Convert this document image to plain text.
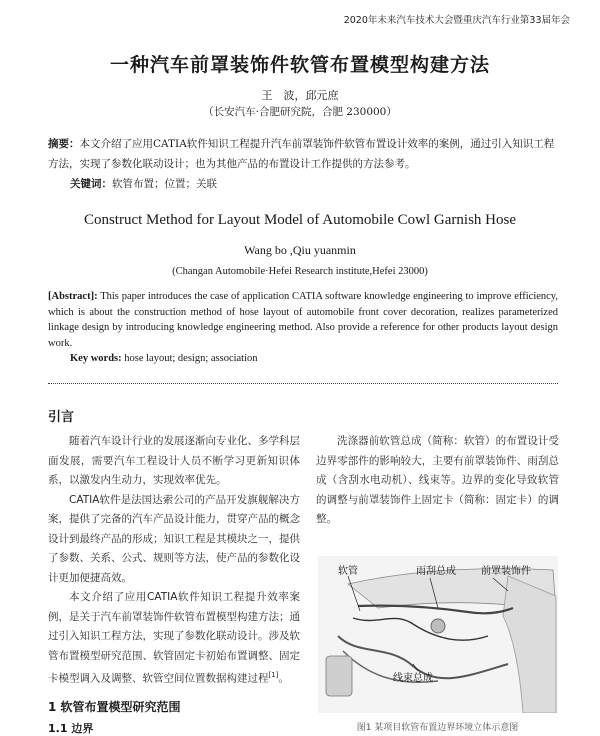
2020年未来汽车技术大会暨重庆汽车行业第33届年会
一种汽车前罩装饰件软管布置模型构建方法
王　波，邱元庶
（长安汽车·合肥研究院，合肥 230000）
摘要：本文介绍了应用CATIA软件知识工程提升汽车前罩装饰件软管布置设计效率的案例，通过引入知识工程方法，实现了参数化联动设计；也为其他产品的布置设计工作提供的方法参考。
关键词：软管布置；位置；关联
Construct Method for Layout Model of Automobile Cowl Garnish Hose
Wang bo ,Qiu yuanmin
(Changan Automobile·Hefei Research institute,Hefei 23000)
[Abstract]: This paper introduces the case of application CATIA software knowledge engineering to improve efficiency, which is about the construction method of hose layout of automobile front cover decoration, realizes parameterized linkage design by introducing knowledge engineering method. Also provide a reference for other products layout design work.
Key words: hose layout; design; association
引言

随着汽车设计行业的发展逐渐向专业化、多学科层面发展，需要汽车工程设计人员不断学习更新知识体系，以激发内生动力，实现效率优先。

CATIA软件是法国达索公司的产品开发旗舰解决方案，提供了完备的汽车产品设计能力，贯穿产品的概念设计到最终产品的形成；知识工程是其模块之一，提供了参数、关系、公式、规则等方法，使产品的参数化设计更加便捷高效。

本文介绍了应用CATIA软件知识工程提升效率案例，是关于汽车前罩装饰件软管布置模型构建方法；通过引入知识工程方法，实现了参数化联动设计。涉及软管布置模型研究范围、软管固定卡初始布置调整、固定卡模型调入及调整、软管空间位置数据构建过程[1]。

洗涤器前软管总成（简称：软管）的布置设计受边界零部件的影响较大，主要有前罩装饰件、雨刮总成（含刮水电动机）、线束等。边界的变化导致软管的调整与前罩装饰件上固定卡（简称：固定卡）的调整。

软管	雨刮总成	前罩装饰件
线束总成
图1 某项目软管布置边界环境立体示意图
1 软管布置模型研究范围
1.1 边界
